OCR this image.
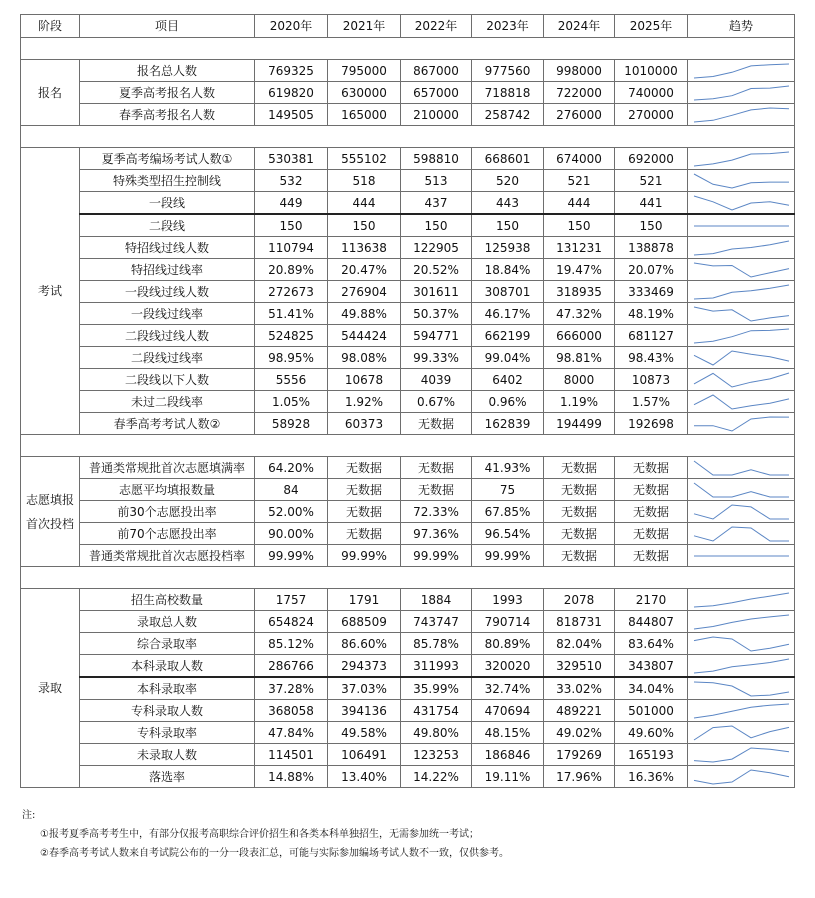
阶段	项目	2020年	2021年	2022年	2023年	2024年	2025年	趋势

报名	报名总人数	769325	795000	867000	977560	998000	1010000	

	夏季高考报名人数	619820	630000	657000	718818	722000	740000	

	春季高考报名人数	149505	165000	210000	258742	276000	270000	

考试	夏季高考编场考试人数①	530381	555102	598810	668601	674000	692000	

	特殊类型招生控制线	532	518	513	520	521	521	

	一段线	449	444	437	443	444	441	

	二段线	150	150	150	150	150	150	

	特招线过线人数	110794	113638	122905	125938	131231	138878	

	特招线过线率	20.89%	20.47%	20.52%	18.84%	19.47%	20.07%	

	一段线过线人数	272673	276904	301611	308701	318935	333469	

	一段线过线率	51.41%	49.88%	50.37%	46.17%	47.32%	48.19%	

	二段线过线人数	524825	544424	594771	662199	666000	681127	

	二段线过线率	98.95%	98.08%	99.33%	99.04%	98.81%	98.43%	

	二段线以下人数	5556	10678	4039	6402	8000	10873	

	未过二段线率	1.05%	1.92%	0.67%	0.96%	1.19%	1.57%	

	春季高考考试人数②	58928	60373	无数据	162839	194499	192698	

志愿填报
首次投档	普通类常规批首次志愿填满率	64.20%	无数据	无数据	41.93%	无数据	无数据	

	志愿平均填报数量	84	无数据	无数据	75	无数据	无数据	

	前30个志愿投出率	52.00%	无数据	72.33%	67.85%	无数据	无数据	

	前70个志愿投出率	90.00%	无数据	97.36%	96.54%	无数据	无数据	

	普通类常规批首次志愿投档率	99.99%	99.99%	99.99%	99.99%	无数据	无数据	

录取	招生高校数量	1757	1791	1884	1993	2078	2170	

	录取总人数	654824	688509	743747	790714	818731	844807	

	综合录取率	85.12%	86.60%	85.78%	80.89%	82.04%	83.64%	

	本科录取人数	286766	294373	311993	320020	329510	343807	

	本科录取率	37.28%	37.03%	35.99%	32.74%	33.02%	34.04%	

	专科录取人数	368058	394136	431754	470694	489221	501000	

	专科录取率	47.84%	49.58%	49.80%	48.15%	49.02%	49.60%	

	未录取人数	114501	106491	123253	186846	179269	165193	

	落选率	14.88%	13.40%	14.22%	19.11%	17.96%	16.36%	
注:
①报考夏季高考考生中，有部分仅报考高职综合评价招生和各类本科单独招生，无需参加统一考试；
②春季高考考试人数来自考试院公布的一分一段表汇总，可能与实际参加编场考试人数不一致，仅供参考。
